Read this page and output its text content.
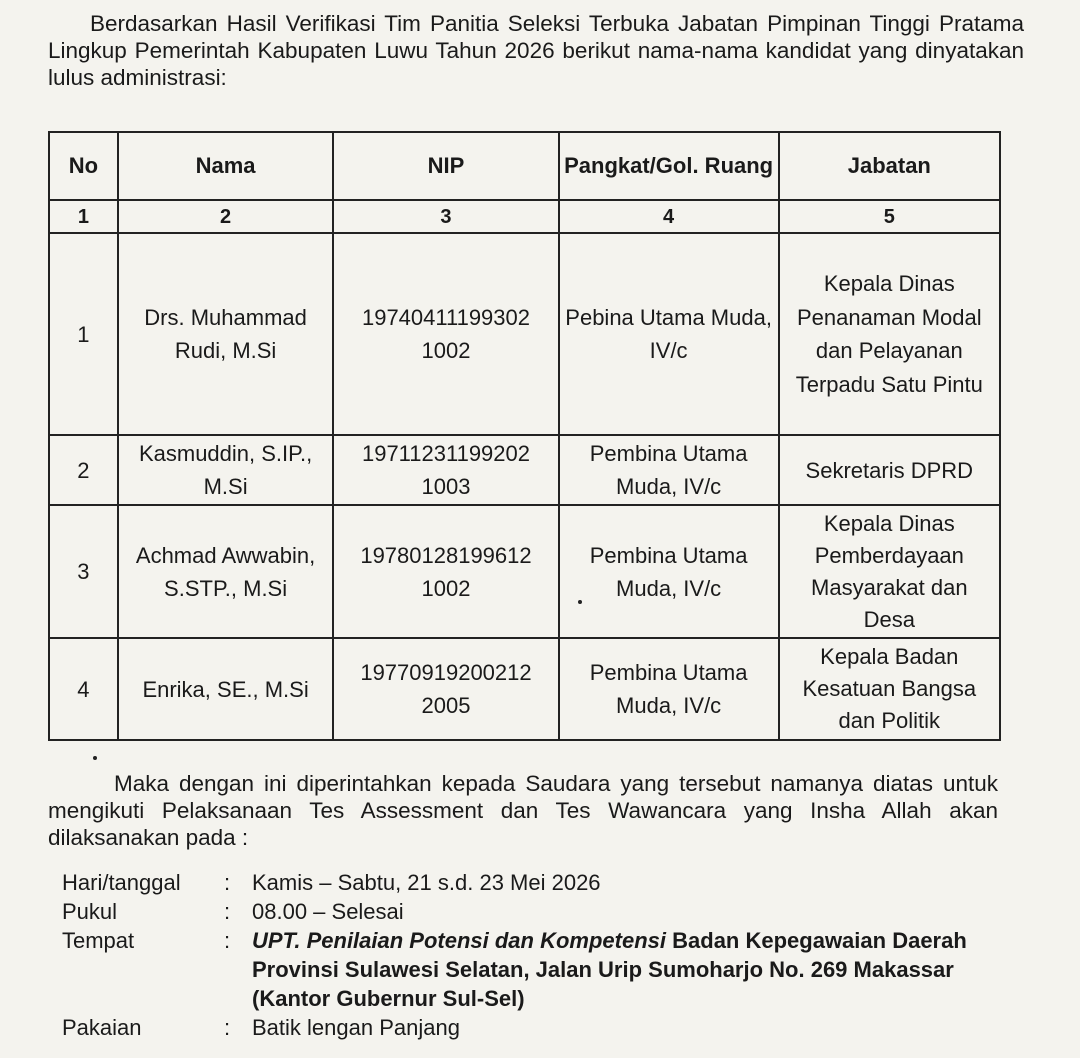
Berdasarkan Hasil Verifikasi Tim Panitia Seleksi Terbuka Jabatan Pimpinan Tinggi Pratama Lingkup Pemerintah Kabupaten Luwu Tahun 2026 berikut nama-nama kandidat yang dinyatakan lulus administrasi:

No	Nama	NIP	Pangkat/Gol. Ruang	Jabatan
1	2	3	4	5
1	Drs. Muhammad Rudi, M.Si	19740411199302 1002	Pebina Utama Muda, IV/c	Kepala Dinas Penanaman Modal dan Pelayanan Terpadu Satu Pintu
2	Kasmuddin, S.IP., M.Si	19711231199202 1003	Pembina Utama Muda, IV/c	Sekretaris DPRD
3	Achmad Awwabin, S.STP., M.Si	19780128199612 1002	Pembina Utama Muda, IV/c	Kepala Dinas Pemberdayaan Masyarakat dan Desa
4	Enrika, SE., M.Si	19770919200212 2005	Pembina Utama Muda, IV/c	Kepala Badan Kesatuan Bangsa dan Politik

Maka dengan ini diperintahkan kepada Saudara yang tersebut namanya diatas untuk mengikuti Pelaksanaan Tes Assessment dan Tes Wawancara yang Insha Allah akan dilaksanakan pada :

Hari/tanggal : Kamis – Sabtu, 21 s.d. 23 Mei 2026
Pukul	: 08.00 – Selesai
Tempat	: UPT. Penilaian Potensi dan Kompetensi Badan Kepegawaian Daerah Provinsi Sulawesi Selatan, Jalan Urip Sumoharjo No. 269 Makassar (Kantor Gubernur Sul-Sel)
Pakaian	: Batik lengan Panjang
